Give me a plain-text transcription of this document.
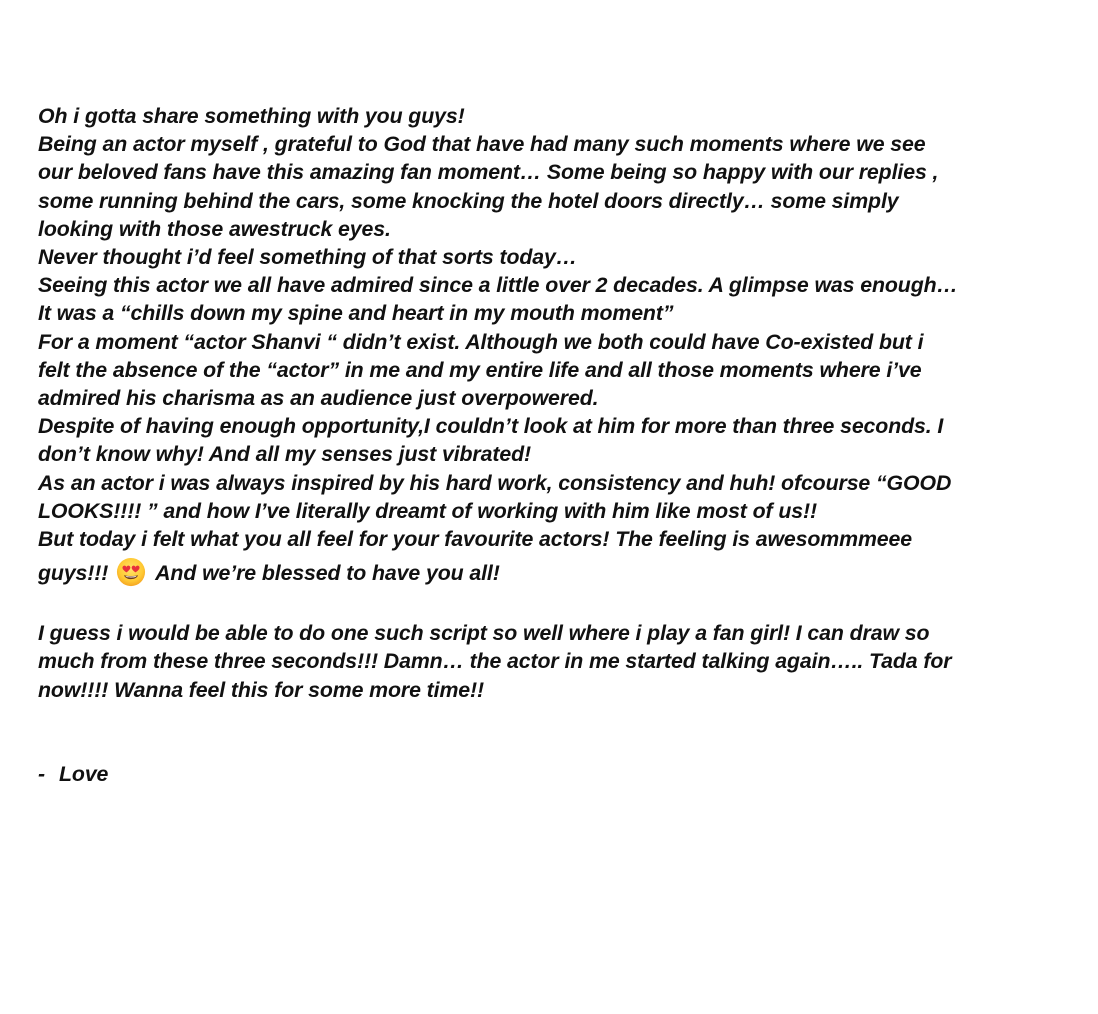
Oh i gotta share something with you guys!

Being an actor myself , grateful to God that have had many such moments where we see

our beloved fans have this amazing fan moment… Some being so happy with our replies ,

some running behind the cars, some knocking the hotel doors directly… some simply

looking with those awestruck eyes.

Never thought i’d feel something of that sorts today…

Seeing this actor we all have admired since a little over 2 decades. A glimpse was enough…

It was a “chills down my spine and heart in my mouth moment”

For a moment “actor Shanvi “ didn’t exist. Although we both could have Co-existed but i

felt the absence of the “actor” in me and my entire life and all those moments where i’ve

admired his charisma as an audience just overpowered.

Despite of having enough opportunity,I couldn’t look at him for more than three seconds. I

don’t know why! And all my senses just vibrated!

As an actor i was always inspired by his hard work, consistency and huh! ofcourse “GOOD

LOOKS!!!! ” and how I’ve literally dreamt of working with him like most of us!!

But today i felt what you all feel for your favourite actors! The feeling is awesommmeee

guys!!! And we’re blessed to have you all!

I guess i would be able to do one such script so well where i play a fan girl! I can draw so

much from these three seconds!!! Damn… the actor in me started talking again….. Tada for

now!!!! Wanna feel this for some more time!!

- Love
